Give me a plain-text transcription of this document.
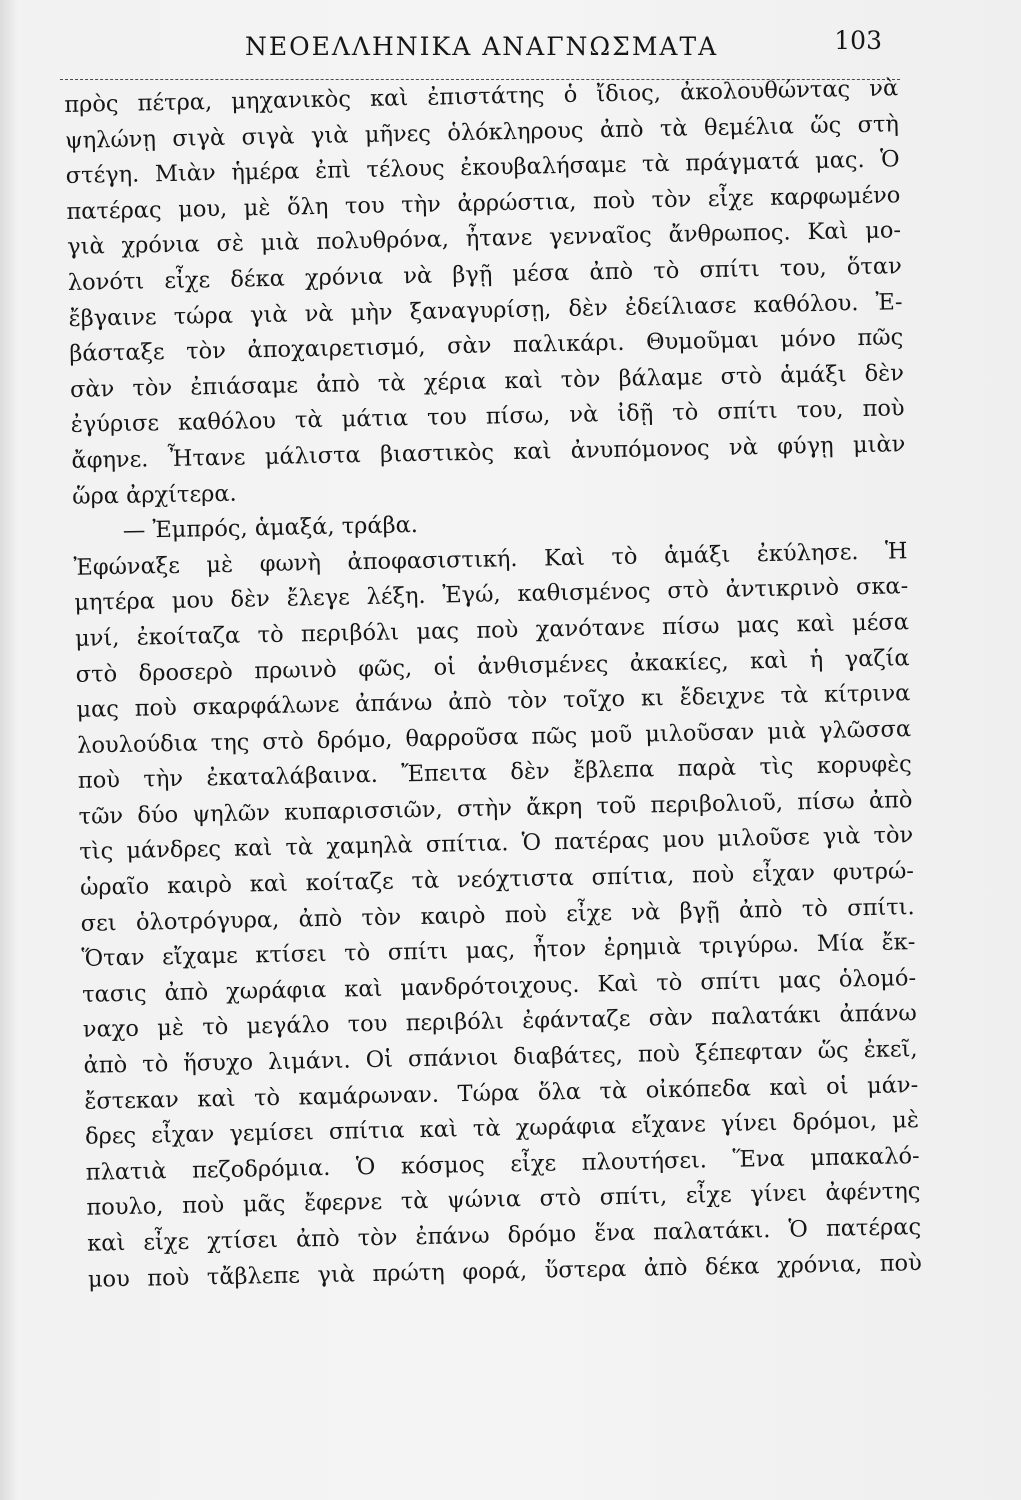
ΝΕΟΕΛΛΗΝΙΚΑ ΑΝΑΓΝΩΣΜΑΤΑ	103
πρὸς πέτρα, μηχανικὸς καὶ ἐπιστάτης ὁ ἴδιος, ἀκολουθώντας νὰ
ψηλώνῃ σιγὰ σιγὰ γιὰ μῆνες ὁλόκληρους ἀπὸ τὰ θεμέλια ὥς στὴ
στέγη. Μιὰν ἡμέρα ἐπὶ τέλους ἐκουβαλήσαμε τὰ πράγματά μας. Ὁ
πατέρας μου, μὲ ὅλη του τὴν ἀρρώστια, ποὺ τὸν εἶχε καρφωμένο
γιὰ χρόνια σὲ μιὰ πολυθρόνα, ἦτανε γενναῖος ἄνθρωπος. Καὶ μο-
λονότι εἶχε δέκα χρόνια νὰ βγῇ μέσα ἀπὸ τὸ σπίτι του, ὅταν
ἔβγαινε τώρα γιὰ νὰ μὴν ξαναγυρίσῃ, δὲν ἐδείλιασε καθόλου. Ἐ-
βάσταξε τὸν ἀποχαιρετισμό, σὰν παλικάρι. Θυμοῦμαι μόνο πῶς
σὰν τὸν ἐπιάσαμε ἀπὸ τὰ χέρια καὶ τὸν βάλαμε στὸ ἁμάξι δὲν
ἐγύρισε καθόλου τὰ μάτια του πίσω, νὰ ἰδῇ τὸ σπίτι του, ποὺ
ἄφηνε. Ἦτανε μάλιστα βιαστικὸς καὶ ἀνυπόμονος νὰ φύγῃ μιὰν
ὥρα ἀρχίτερα.
— Ἐμπρός, ἁμαξά, τράβα.
Ἐφώναξε μὲ φωνὴ ἀποφασιστική. Καὶ τὸ ἁμάξι ἐκύλησε. Ἡ
μητέρα μου δὲν ἔλεγε λέξη. Ἐγώ, καθισμένος στὸ ἀντικρινὸ σκα-
μνί, ἐκοίταζα τὸ περιβόλι μας ποὺ χανότανε πίσω μας καὶ μέσα
στὸ δροσερὸ πρωινὸ φῶς, οἱ ἀνθισμένες ἀκακίες, καὶ ἡ γαζία
μας ποὺ σκαρφάλωνε ἀπάνω ἀπὸ τὸν τοῖχο κι ἔδειχνε τὰ κίτρινα
λουλούδια της στὸ δρόμο, θαρροῦσα πῶς μοῦ μιλοῦσαν μιὰ γλῶσσα
ποὺ τὴν ἐκαταλάβαινα. Ἔπειτα δὲν ἔβλεπα παρὰ τὶς κορυφὲς
τῶν δύο ψηλῶν κυπαρισσιῶν, στὴν ἄκρη τοῦ περιβολιοῦ, πίσω ἀπὸ
τὶς μάνδρες καὶ τὰ χαμηλὰ σπίτια. Ὁ πατέρας μου μιλοῦσε γιὰ τὸν
ὡραῖο καιρὸ καὶ κοίταζε τὰ νεόχτιστα σπίτια, ποὺ εἶχαν φυτρώ-
σει ὁλοτρόγυρα, ἀπὸ τὸν καιρὸ ποὺ εἶχε νὰ βγῇ ἀπὸ τὸ σπίτι.
Ὅταν εἴχαμε κτίσει τὸ σπίτι μας, ἦτον ἐρημιὰ τριγύρω. Μία ἔκ-
τασις ἀπὸ χωράφια καὶ μανδρότοιχους. Καὶ τὸ σπίτι μας ὁλομό-
ναχο μὲ τὸ μεγάλο του περιβόλι ἐφάνταζε σὰν παλατάκι ἀπάνω
ἀπὸ τὸ ἥσυχο λιμάνι. Οἱ σπάνιοι διαβάτες, ποὺ ξέπεφταν ὥς ἐκεῖ,
ἔστεκαν καὶ τὸ καμάρωναν. Τώρα ὅλα τὰ οἰκόπεδα καὶ οἱ μάν-
δρες εἶχαν γεμίσει σπίτια καὶ τὰ χωράφια εἴχανε γίνει δρόμοι, μὲ
πλατιὰ πεζοδρόμια. Ὁ κόσμος εἶχε πλουτήσει. Ἕνα μπακαλό-
πουλο, ποὺ μᾶς ἔφερνε τὰ ψώνια στὸ σπίτι, εἶχε γίνει ἀφέντης
καὶ εἶχε χτίσει ἀπὸ τὸν ἐπάνω δρόμο ἕνα παλατάκι. Ὁ πατέρας
μου ποὺ τἄβλεπε γιὰ πρώτη φορά, ὕστερα ἀπὸ δέκα χρόνια, ποὺ
